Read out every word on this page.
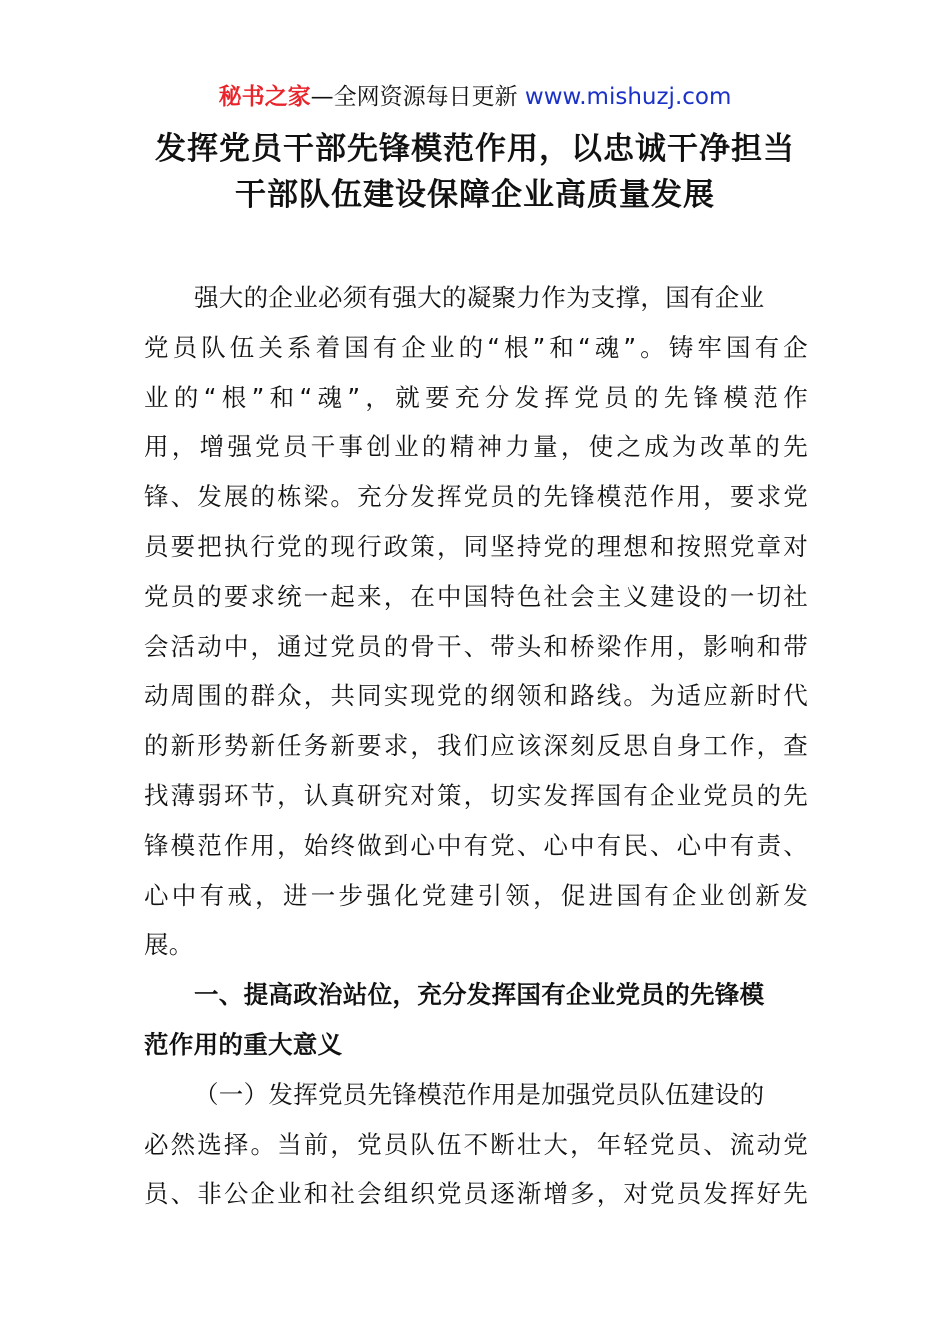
秘书之家—全网资源每日更新 www.mishuzj.com
发挥党员干部先锋模范作用，以忠诚干净担当
干部队伍建设保障企业高质量发展
强大的企业必须有强大的凝聚力作为支撑，国有企业
党员队伍关系着国有企业的“根”和“魂”。铸牢国有企
业的“根”和“魂”，就要充分发挥党员的先锋模范作
用，增强党员干事创业的精神力量，使之成为改革的先
锋、发展的栋梁。充分发挥党员的先锋模范作用，要求党
员要把执行党的现行政策，同坚持党的理想和按照党章对
党员的要求统一起来，在中国特色社会主义建设的一切社
会活动中，通过党员的骨干、带头和桥梁作用，影响和带
动周围的群众，共同实现党的纲领和路线。为适应新时代
的新形势新任务新要求，我们应该深刻反思自身工作，查
找薄弱环节，认真研究对策，切实发挥国有企业党员的先
锋模范作用，始终做到心中有党、心中有民、心中有责、
心中有戒，进一步强化党建引领，促进国有企业创新发
展。
一、提高政治站位，充分发挥国有企业党员的先锋模
范作用的重大意义
（一）发挥党员先锋模范作用是加强党员队伍建设的
必然选择。当前，党员队伍不断壮大，年轻党员、流动党
员、非公企业和社会组织党员逐渐增多，对党员发挥好先
